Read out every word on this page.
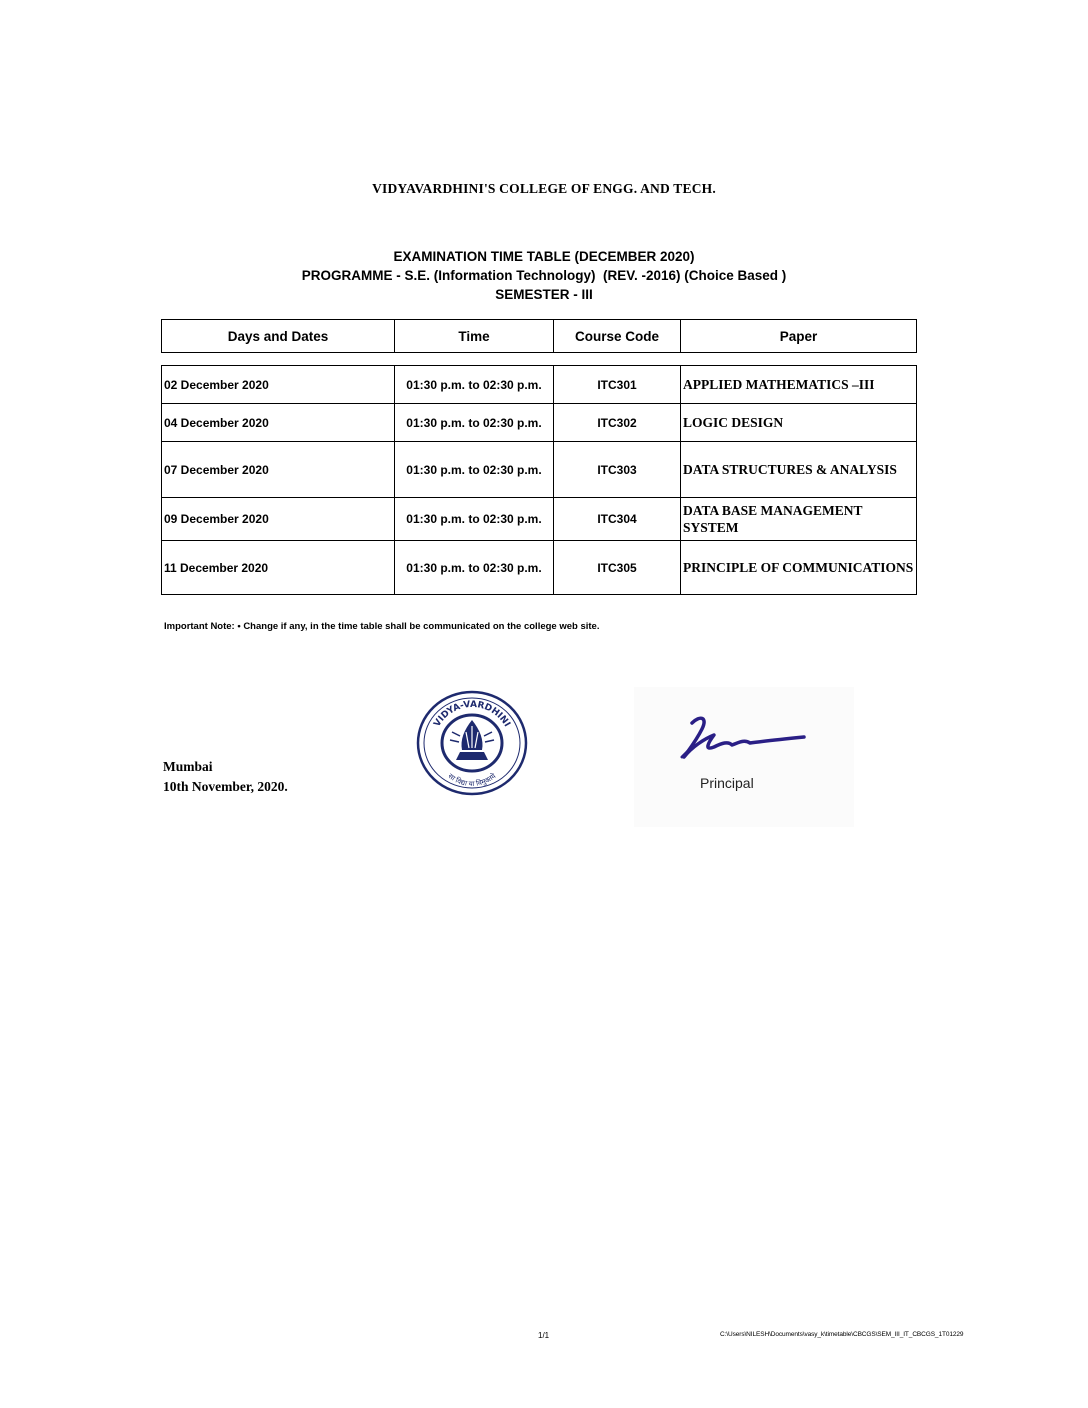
VIDYAVARDHINI'S COLLEGE OF ENGG. AND TECH.
EXAMINATION TIME TABLE (DECEMBER 2020)
PROGRAMME - S.E. (Information Technology)  (REV. -2016) (Choice Based )
SEMESTER - III
Days and Dates	Time	Course Code	Paper

02 December 2020	01:30 p.m. to 02:30 p.m.	ITC301	APPLIED MATHEMATICS –III
04 December 2020	01:30 p.m. to 02:30 p.m.	ITC302	LOGIC DESIGN
07 December 2020	01:30 p.m. to 02:30 p.m.	ITC303	DATA STRUCTURES & ANALYSIS
09 December 2020	01:30 p.m. to 02:30 p.m.	ITC304	DATA BASE MANAGEMENT SYSTEM
11 December 2020	01:30 p.m. to 02:30 p.m.	ITC305	PRINCIPLE OF COMMUNICATIONS
Important Note: • Change if any, in the time table shall be communicated on the college web site.
Mumbai
10th November, 2020.
VIDYA-VARDHINI
सा विद्या या विमुक्तये	Principal
1/1	C:\Users\NILESH\Documents\vasy_k\timetable\CBCGS\SEM_III_IT_CBCGS_1T01229
